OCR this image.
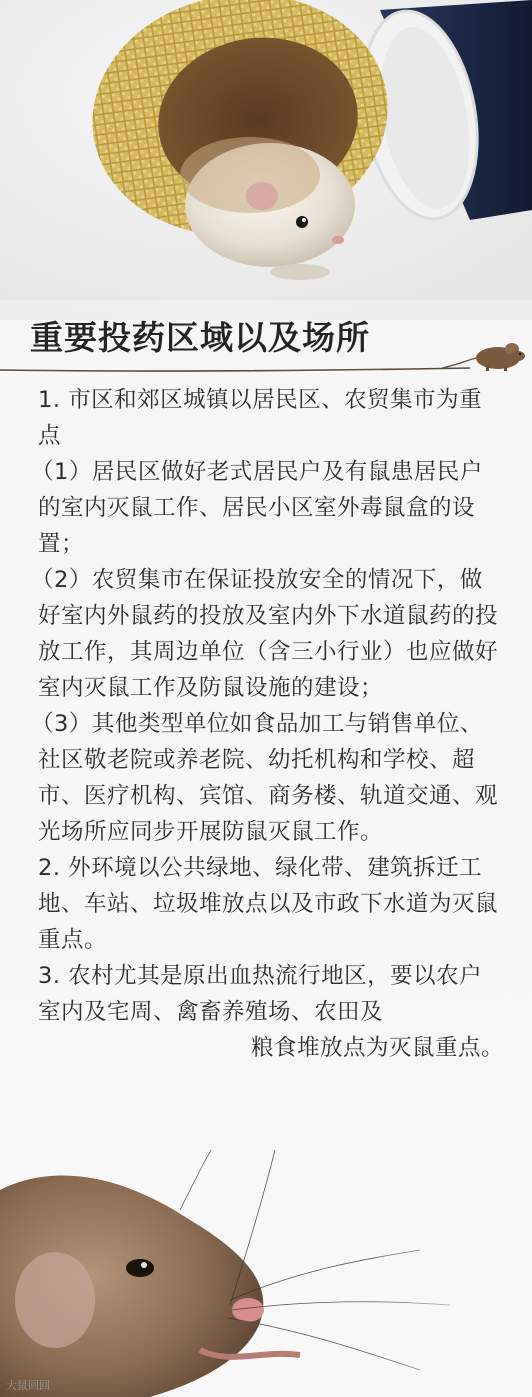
重要投药区域以及场所

1. 市区和郊区城镇以居民区、农贸集市为重点

（1）居民区做好老式居民户及有鼠患居民户的室内灭鼠工作、居民小区室外毒鼠盒的设置；

（2）农贸集市在保证投放安全的情况下，做好室内外鼠药的投放及室内外下水道鼠药的投放工作，其周边单位（含三小行业）也应做好室内灭鼠工作及防鼠设施的建设；

（3）其他类型单位如食品加工与销售单位、社区敬老院或养老院、幼托机构和学校、超市、医疗机构、宾馆、商务楼、轨道交通、观光场所应同步开展防鼠灭鼠工作。

2. 外环境以公共绿地、绿化带、建筑拆迁工地、车站、垃圾堆放点以及市政下水道为灭鼠重点。

3. 农村尤其是原出血热流行地区，要以农户室内及宅周、禽畜养殖场、农田及

粮食堆放点为灭鼠重点。

大鼠回回
